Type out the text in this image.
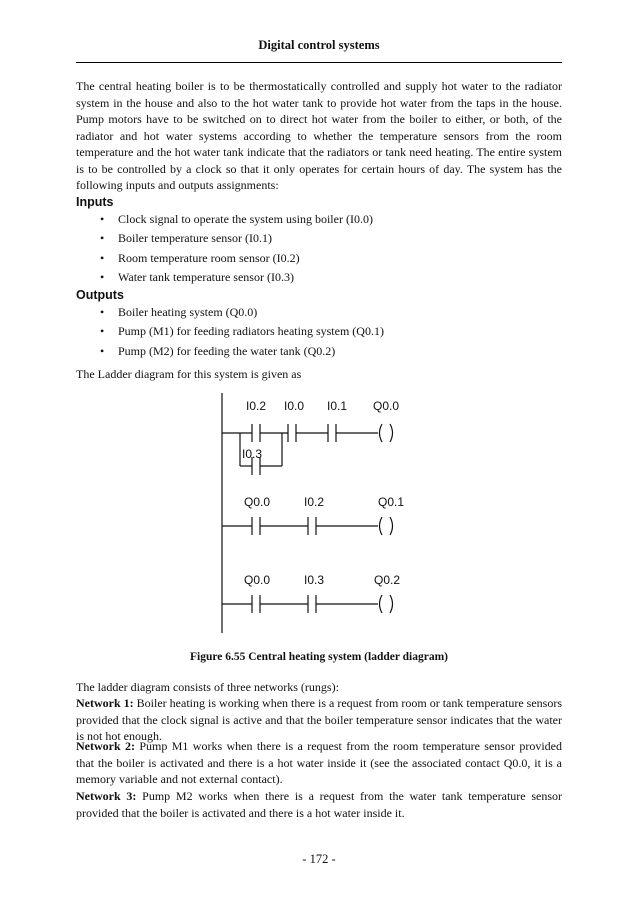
Digital control systems

The central heating boiler is to be thermostatically controlled and supply hot water to the radiator system in the house and also to the hot water tank to provide hot water from the taps in the house. Pump motors have to be switched on to direct hot water from the boiler to either, or both, of the radiator and hot water systems according to whether the temperature sensors from the room temperature and the hot water tank indicate that the radiators or tank need heating. The entire system is to be controlled by a clock so that it only operates for certain hours of day. The system has the following inputs and outputs assignments:

Inputs

• Clock signal to operate the system using boiler (I0.0)
• Boiler temperature sensor (I0.1)
• Room temperature room sensor (I0.2)
• Water tank temperature sensor (I0.3)

Outputs

• Boiler heating system (Q0.0)
• Pump (M1) for feeding radiators heating system (Q0.1)
• Pump (M2) for feeding the water tank (Q0.2)

The Ladder diagram for this system is given as

I0.2 I0.0 I0.1 Q0.0
I0.3
Q0.0	I0.2	Q0.1
Q0.0	I0.3	Q0.2
Figure 6.55 Central heating system (ladder diagram)

The ladder diagram consists of three networks (rungs):

Network 1: Boiler heating is working when there is a request from room or tank temperature sensors provided that the clock signal is active and that the boiler temperature sensor indicates that the water is not hot enough.

Network 2: Pump M1 works when there is a request from the room temperature sensor provided that the boiler is activated and there is a hot water inside it (see the associated contact Q0.0, it is a memory variable and not external contact).

Network 3: Pump M2 works when there is a request from the water tank temperature sensor provided that the boiler is activated and there is a hot water inside it.

- 172 -
